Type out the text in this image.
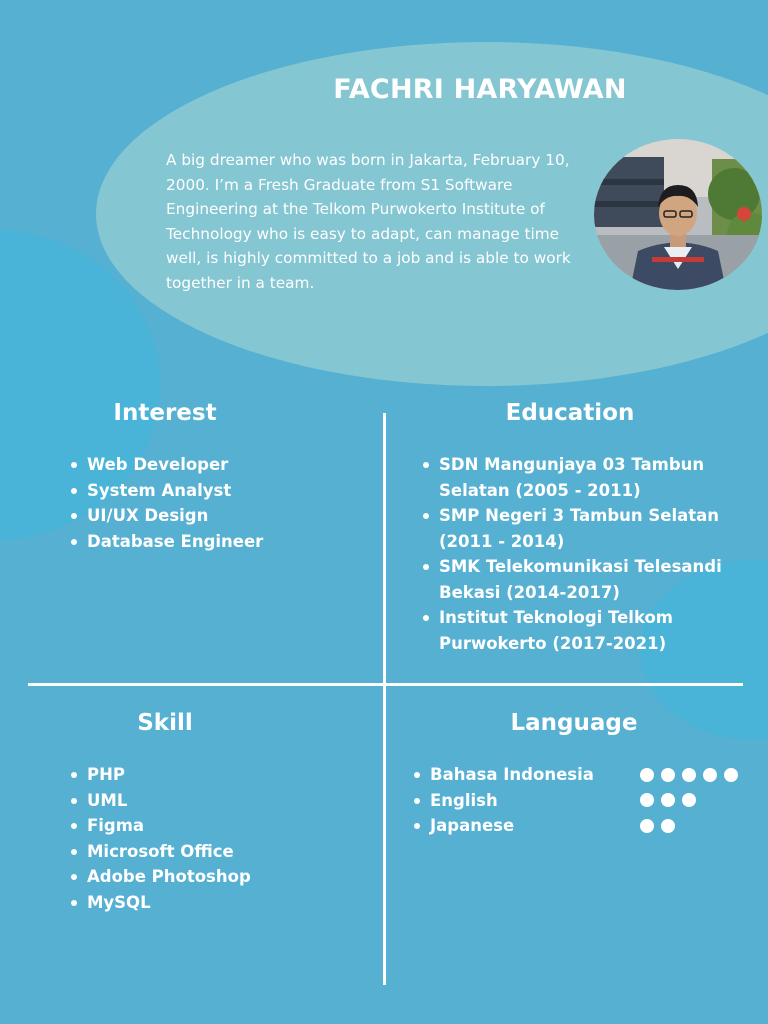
FACHRI HARYAWAN
A big dreamer who was born in Jakarta, February 10, 2000. I’m a Fresh Graduate from S1 Software Engineering at the Telkom Purwokerto Institute of Technology who is easy to adapt, can manage time well, is highly committed to a job and is able to work together in a team.
Interest
Web Developer
System Analyst
UI/UX Design
Database Engineer
Education
SDN Mangunjaya 03 Tambun Selatan (2005 - 2011)
SMP Negeri 3 Tambun Selatan (2011 - 2014)
SMK Telekomunikasi Telesandi Bekasi (2014-2017)
Institut Teknologi Telkom Purwokerto (2017-2021)
Skill
PHP
UML
Figma
Microsoft Office
Adobe Photoshop
MySQL
Language
Bahasa Indonesia
English
Japanese
